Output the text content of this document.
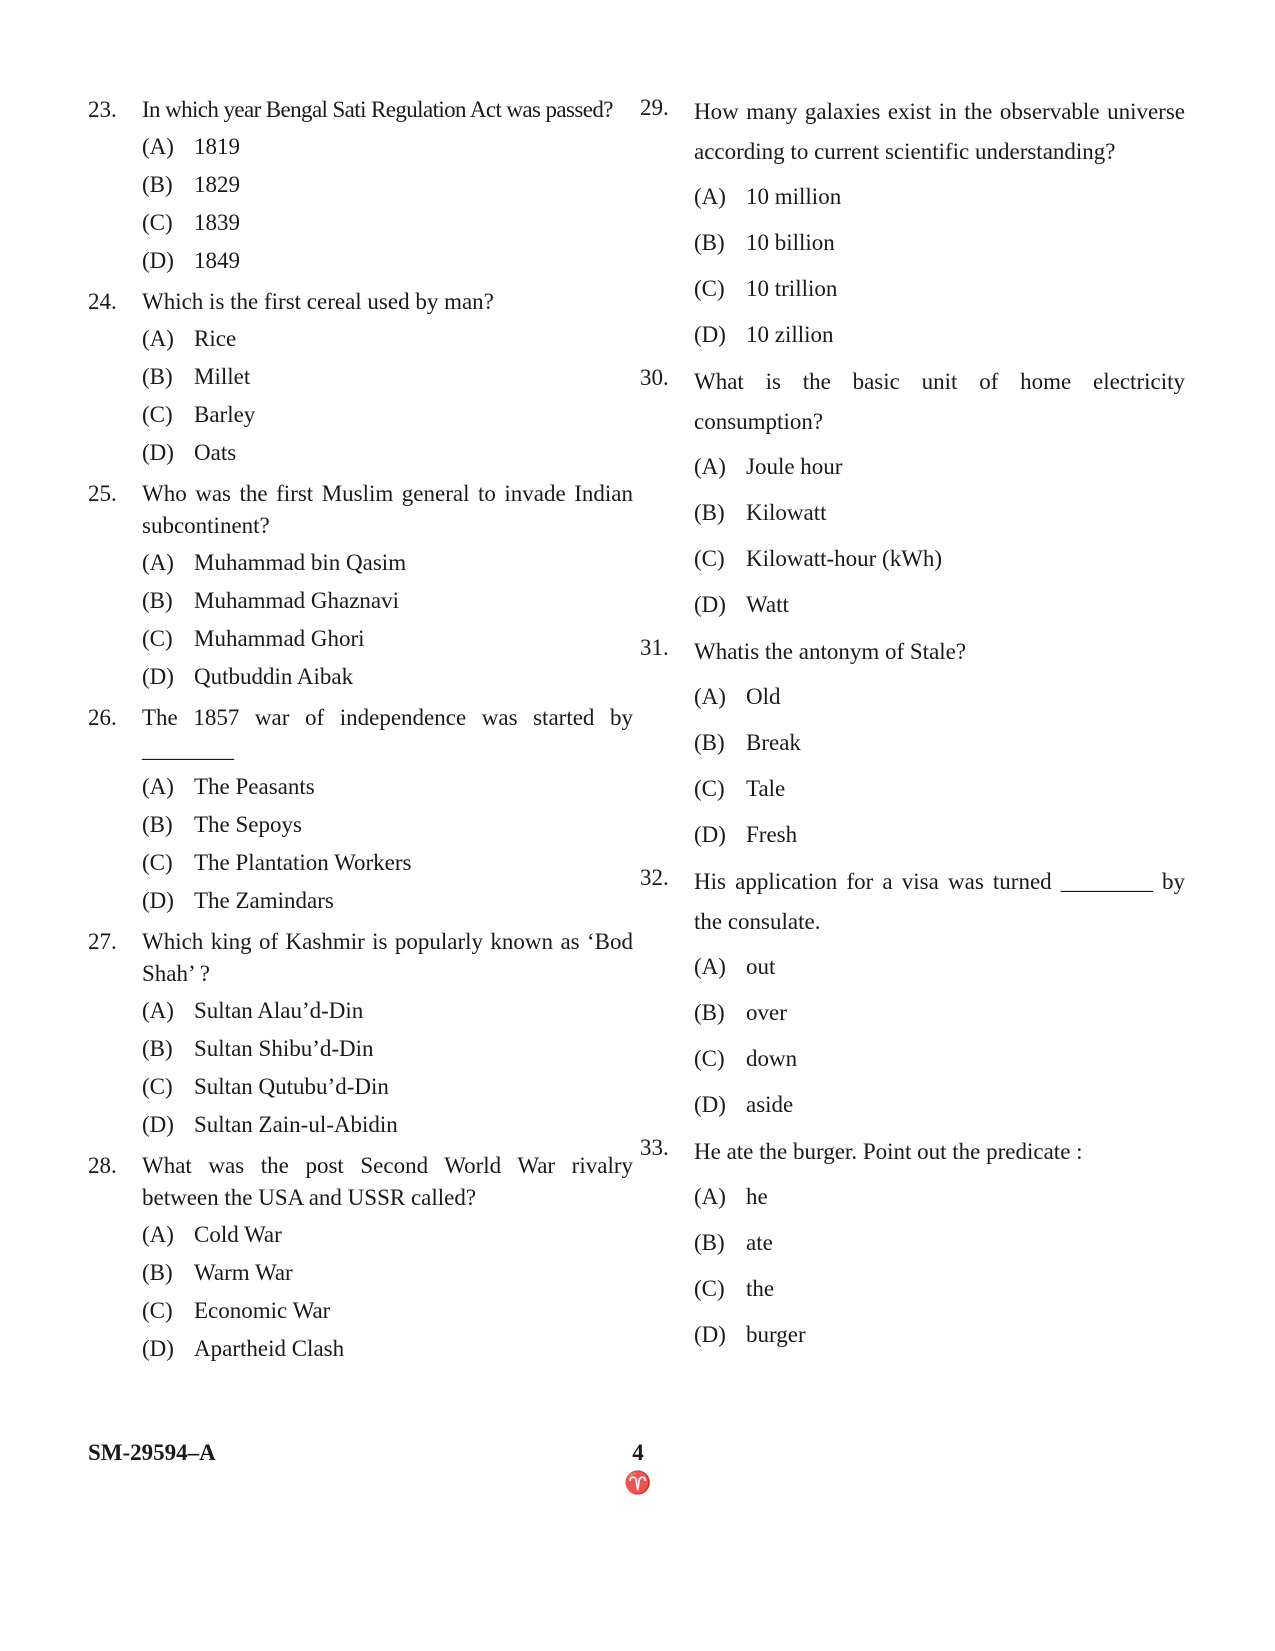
23. In which year Bengal Sati Regulation Act was passed?
(A) 1819
(B) 1829
(C) 1839
(D) 1849
24. Which is the first cereal used by man?
(A) Rice
(B) Millet
(C) Barley
(D) Oats
25. Who was the first Muslim general to invade Indian subcontinent?
(A) Muhammad bin Qasim
(B) Muhammad Ghaznavi
(C) Muhammad Ghori
(D) Qutbuddin Aibak
26. The 1857 war of independence was started by ________
(A) The Peasants
(B) The Sepoys
(C) The Plantation Workers
(D) The Zamindars
27. Which king of Kashmir is popularly known as ‘Bod Shah’ ?
(A) Sultan Alau’d-Din
(B) Sultan Shibu’d-Din
(C) Sultan Qutubu’d-Din
(D) Sultan Zain-ul-Abidin
28. What was the post Second World War rivalry between the USA and USSR called?
(A) Cold War
(B) Warm War
(C) Economic War
(D) Apartheid Clash
29. How many galaxies exist in the observable universe according to current scientific understanding?
(A) 10 million
(B) 10 billion
(C) 10 trillion
(D) 10 zillion
30. What is the basic unit of home electricity consumption?
(A) Joule hour
(B) Kilowatt
(C) Kilowatt-hour (kWh)
(D) Watt
31. Whatis the antonym of Stale?
(A) Old
(B) Break
(C) Tale
(D) Fresh
32. His application for a visa was turned ________ by the consulate.
(A) out
(B) over
(C) down
(D) aside
33. He ate the burger. Point out the predicate :
(A) he
(B) ate
(C) the
(D) burger
SM-29594–A	4
♈
